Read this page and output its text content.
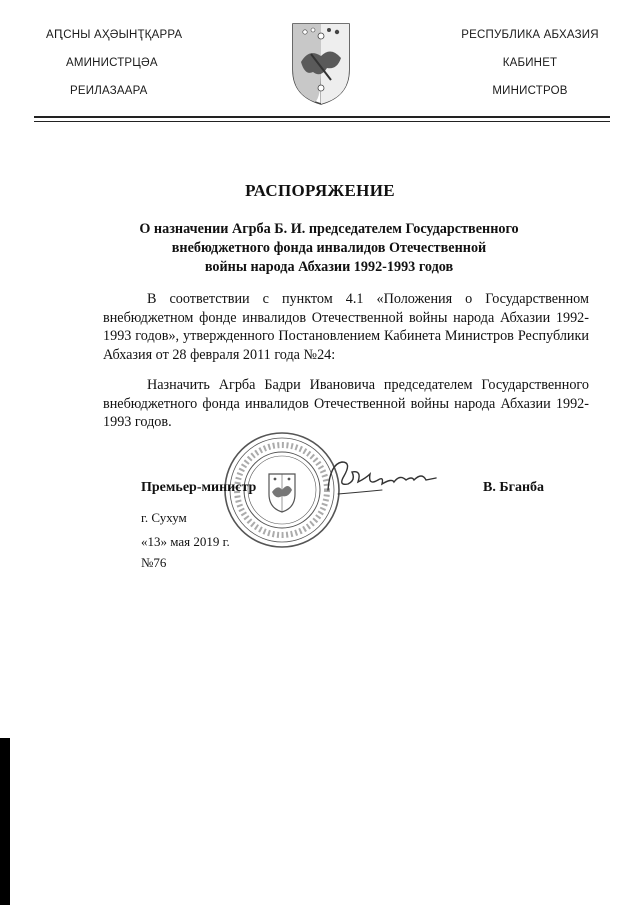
АԤСНЫ АҲӘЫНҬҚАРРА
АМИНИСТРЦӘА
РЕИЛАЗААРА
РЕСПУБЛИКА АБХАЗИЯ
КАБИНЕТ
МИНИСТРОВ
РАСПОРЯЖЕНИЕ
О назначении Агрба Б. И. председателем Государственного
внебюджетного фонда инвалидов Отечественной
войны народа Абхазии 1992-1993 годов
В соответствии с пунктом 4.1 «Положения о Государственном внебюджетном фонде инвалидов Отечественной войны народа Абхазии 1992-1993 годов», утвержденного Постановлением Кабинета Министров Республики Абхазия от 28 февраля 2011 года №24:
Назначить Агрба Бадри Ивановича председателем Государственного внебюджетного фонда инвалидов Отечественной войны народа Абхазии 1992-1993 годов.
Премьер-министр	В. Бганба
г. Сухум
«13» мая 2019 г.
№76
